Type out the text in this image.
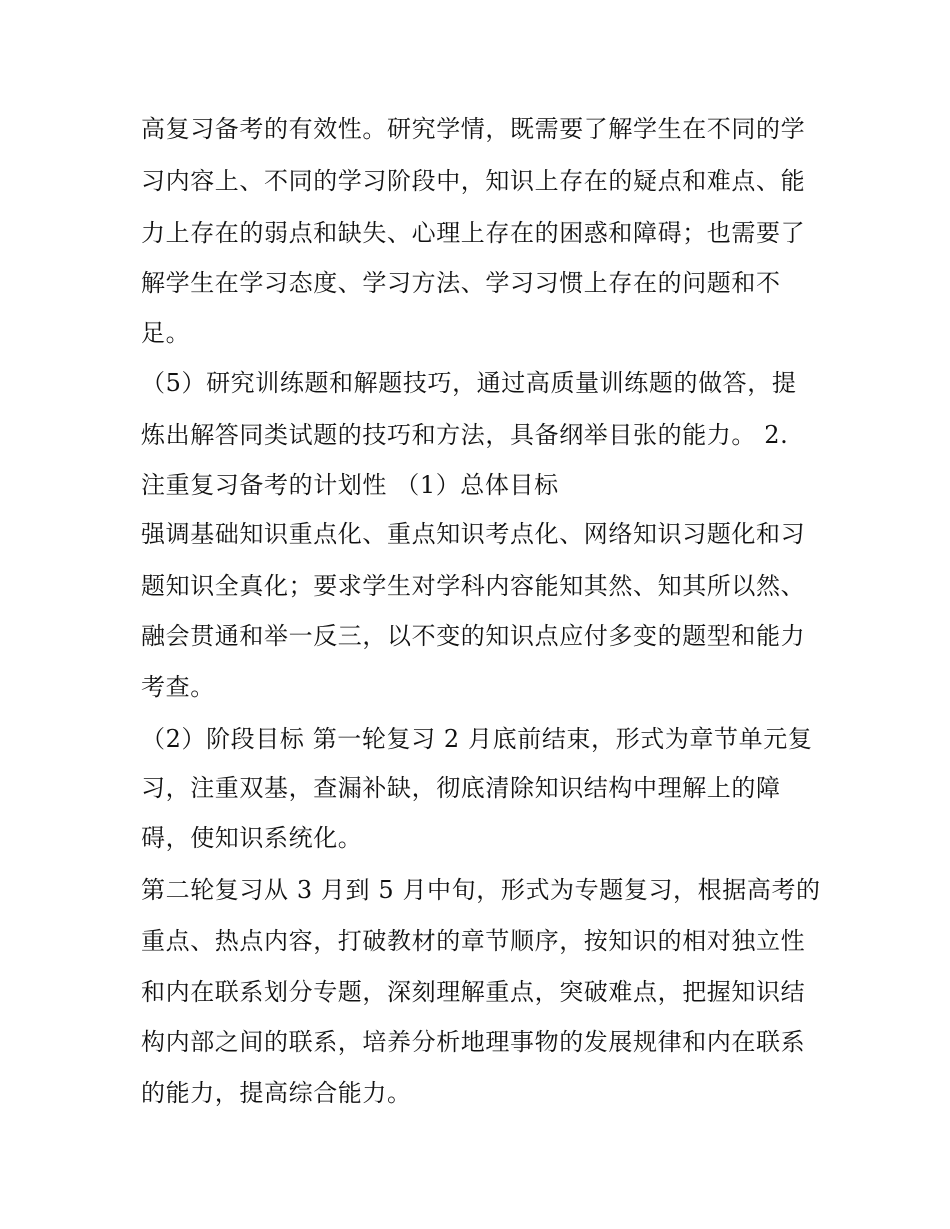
高复习备考的有效性。研究学情，既需要了解学生在不同的学
习内容上、不同的学习阶段中，知识上存在的疑点和难点、能
力上存在的弱点和缺失、心理上存在的困惑和障碍；也需要了
解学生在学习态度、学习方法、学习习惯上存在的问题和不
足。
（5）研究训练题和解题技巧，通过高质量训练题的做答，提
炼出解答同类试题的技巧和方法，具备纲举目张的能力。 2.
注重复习备考的计划性 （1）总体目标
强调基础知识重点化、重点知识考点化、网络知识习题化和习
题知识全真化；要求学生对学科内容能知其然、知其所以然、
融会贯通和举一反三，以不变的知识点应付多变的题型和能力
考查。
（2）阶段目标 第一轮复习 2 月底前结束，形式为章节单元复
习，注重双基，查漏补缺，彻底清除知识结构中理解上的障
碍，使知识系统化。
第二轮复习从 3 月到 5 月中旬，形式为专题复习，根据高考的
重点、热点内容，打破教材的章节顺序，按知识的相对独立性
和内在联系划分专题，深刻理解重点，突破难点，把握知识结
构内部之间的联系，培养分析地理事物的发展规律和内在联系
的能力，提高综合能力。
